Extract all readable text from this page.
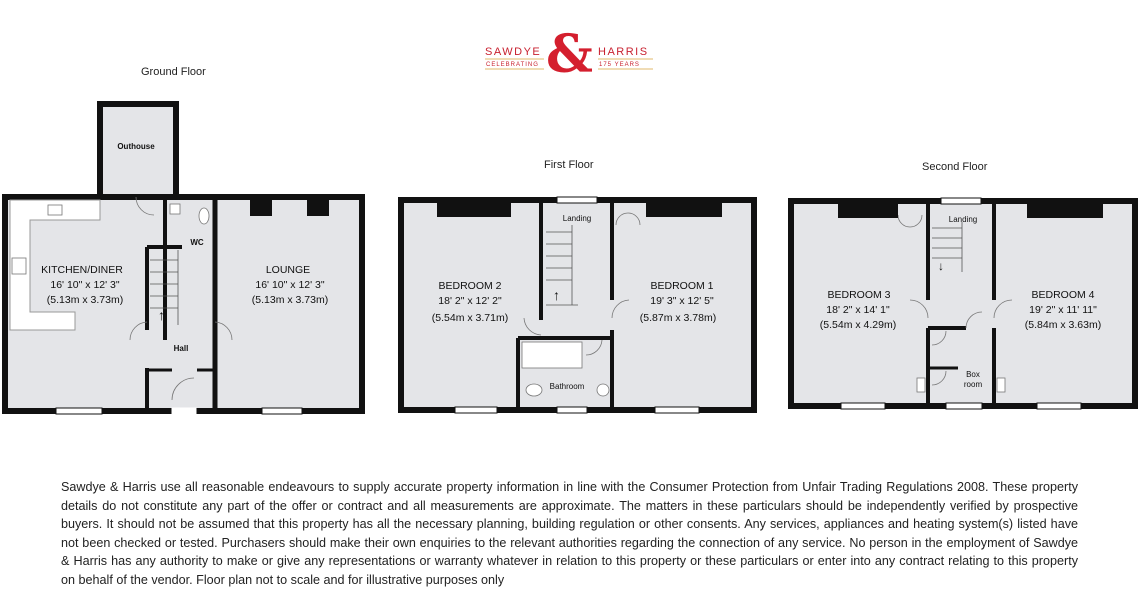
SAWDYE & HARRIS
CELEBRATING	175 YEARS
Ground Floor
Outhouse
↑
WC
Hall
KITCHEN/DINER
16' 10" x 12' 3"
(5.13m x 3.73m)
LOUNGE
16' 10" x 12' 3"
(5.13m x 3.73m)
First Floor
↑
Landing
Bathroom
BEDROOM 2
18' 2" x 12' 2"
(5.54m x 3.71m)
BEDROOM 1
19' 3" x 12' 5"
(5.87m x 3.78m)
Second Floor
↓
Landing
Box
room
BEDROOM 3
18' 2" x 14' 1"
(5.54m x 4.29m)
BEDROOM 4
19' 2" x 11' 11"
(5.84m x 3.63m)

Sawdye & Harris use all reasonable endeavours to supply accurate property information in line with the Consumer Protection from Unfair Trading Regulations 2008. These property details do not constitute any part of the offer or contract and all measurements are approximate. The matters in these particulars should be independently verified by prospective buyers. It should not be assumed that this property has all the necessary planning, building regulation or other consents. Any services, appliances and heating system(s) listed have not been checked or tested. Purchasers should make their own enquiries to the relevant authorities regarding the connection of any service. No person in the employment of Sawdye & Harris has any authority to make or give any representations or warranty whatever in relation to this property or these particulars or enter into any contract relating to this property on behalf of the vendor. Floor plan not to scale and for illustrative purposes only
